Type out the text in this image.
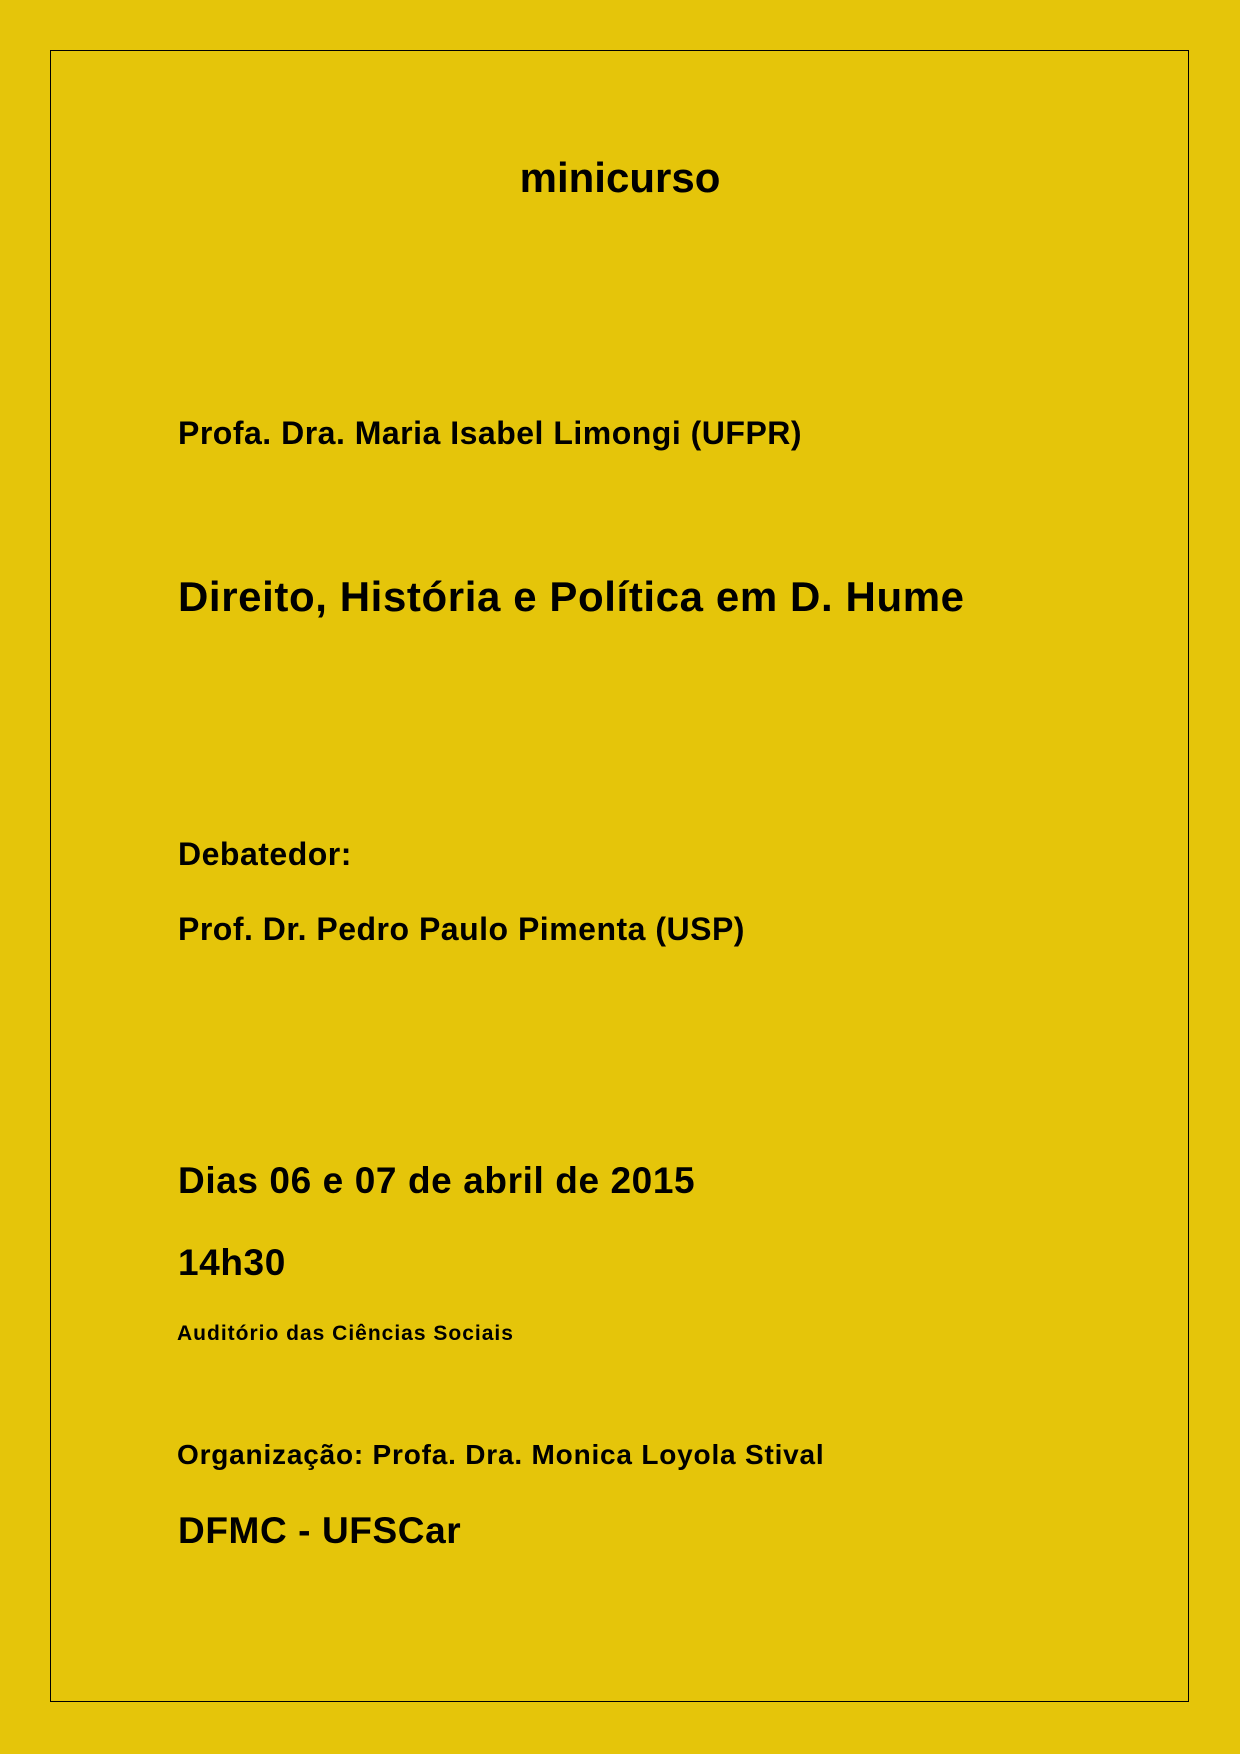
minicurso
Profa. Dra. Maria Isabel Limongi (UFPR)
Direito, História e Política em D. Hume
Debatedor:
Prof. Dr. Pedro Paulo Pimenta (USP)
Dias 06 e 07 de abril de 2015
14h30
Auditório das Ciências Sociais
Organização: Profa. Dra. Monica Loyola Stival
DFMC - UFSCar
